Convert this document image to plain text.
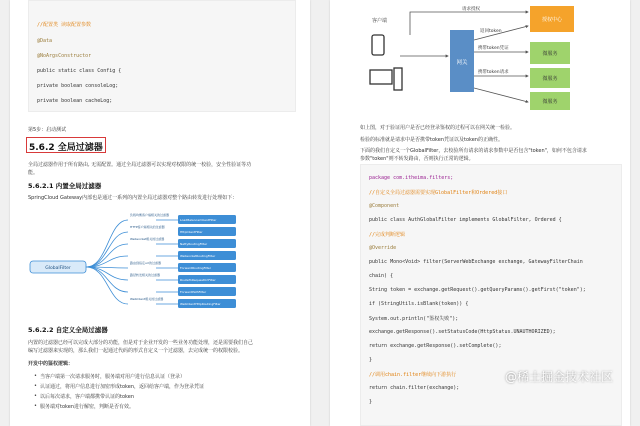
//配置类 读取配置参数
@Data
@NoArgsConstructor
public static class Config {
private boolean consoleLog;
private boolean cacheLog;
第5步：启动测试
5.6.2 全局过滤器
全局过滤器作用于所有路由, 无需配置。通过全局过滤器可以实现对权限的统一校验，安全性验证等功
能。
5.6.2.1 内置全局过滤器
SpringCloud Gateway内部也是通过一系列的内置全局过滤器对整个路由转发进行处理如下：
GlobalFilter
负载均衡客户端相关的过滤器
HTTP客户端相关的过滤器
Websocket相关的过滤器
路由到指定url的过滤器
路径转发相关的过滤器
WebClient相关的过滤器
LoadBalancerClientFilter
HttpClientFilter
NettyRoutingFilter
WebsocketRoutingFilter
ForwardRoutingFilter
RouteToRequestUrlFilter
ForwardPathFilter
WebClientHttpRoutingFilter
5.6.2.2 自定义全局过滤器
内置的过滤器已经可以完成大部分的功能，但是对于企业开发的一些业务功能处理，还是需要我们自己
编写过滤器来实现的，那么我们一起通过代码的形式自定义一个过滤器，去完成统一的权限校验。
开发中的鉴权逻辑：
• 当客户端第一次请求服务时，服务端对用户进行信息认证（登录）
• 认证通过，将用户信息进行加密形成token，返回给客户端，作为登录凭证
• 以后每次请求，客户端都携带认证的token
• 服务端对token进行解密，判断是否有效。
客户端
网关
请求授权
返回token
携带token凭证
携带token请求
授权中心
微服务
微服务
微服务
如上图，对于验证用户是否已经登录鉴权的过程可以在网关统一检验。
检验的标准就是请求中是否携带token凭证以及token的正确性。
下面的我们自定义一个GlobalFilter，去校验所有请求的请求参数中是否包含"token"，如何不包含请求
参数"token"则不转发路由，否则执行正常的逻辑。
package com.itheima.filters;
//自定义全局过滤器需要实现GlobalFilter和Ordered接口
@Component
public class AuthGlobalFilter implements GlobalFilter, Ordered {
//完成判断逻辑
@Override
public Mono<Void> filter(ServerWebExchange exchange, GatewayFilterChain
chain) {
String token = exchange.getRequest().getQueryParams().getFirst("token");
if (StringUtils.isBlank(token)) {
System.out.println("鉴权失败");
exchange.getResponse().setStatusCode(HttpStatus.UNAUTHORIZED);
return exchange.getResponse().setComplete();
}
//调用chain.filter继续向下游执行
return chain.filter(exchange);
}
@稀土掘金技术社区
